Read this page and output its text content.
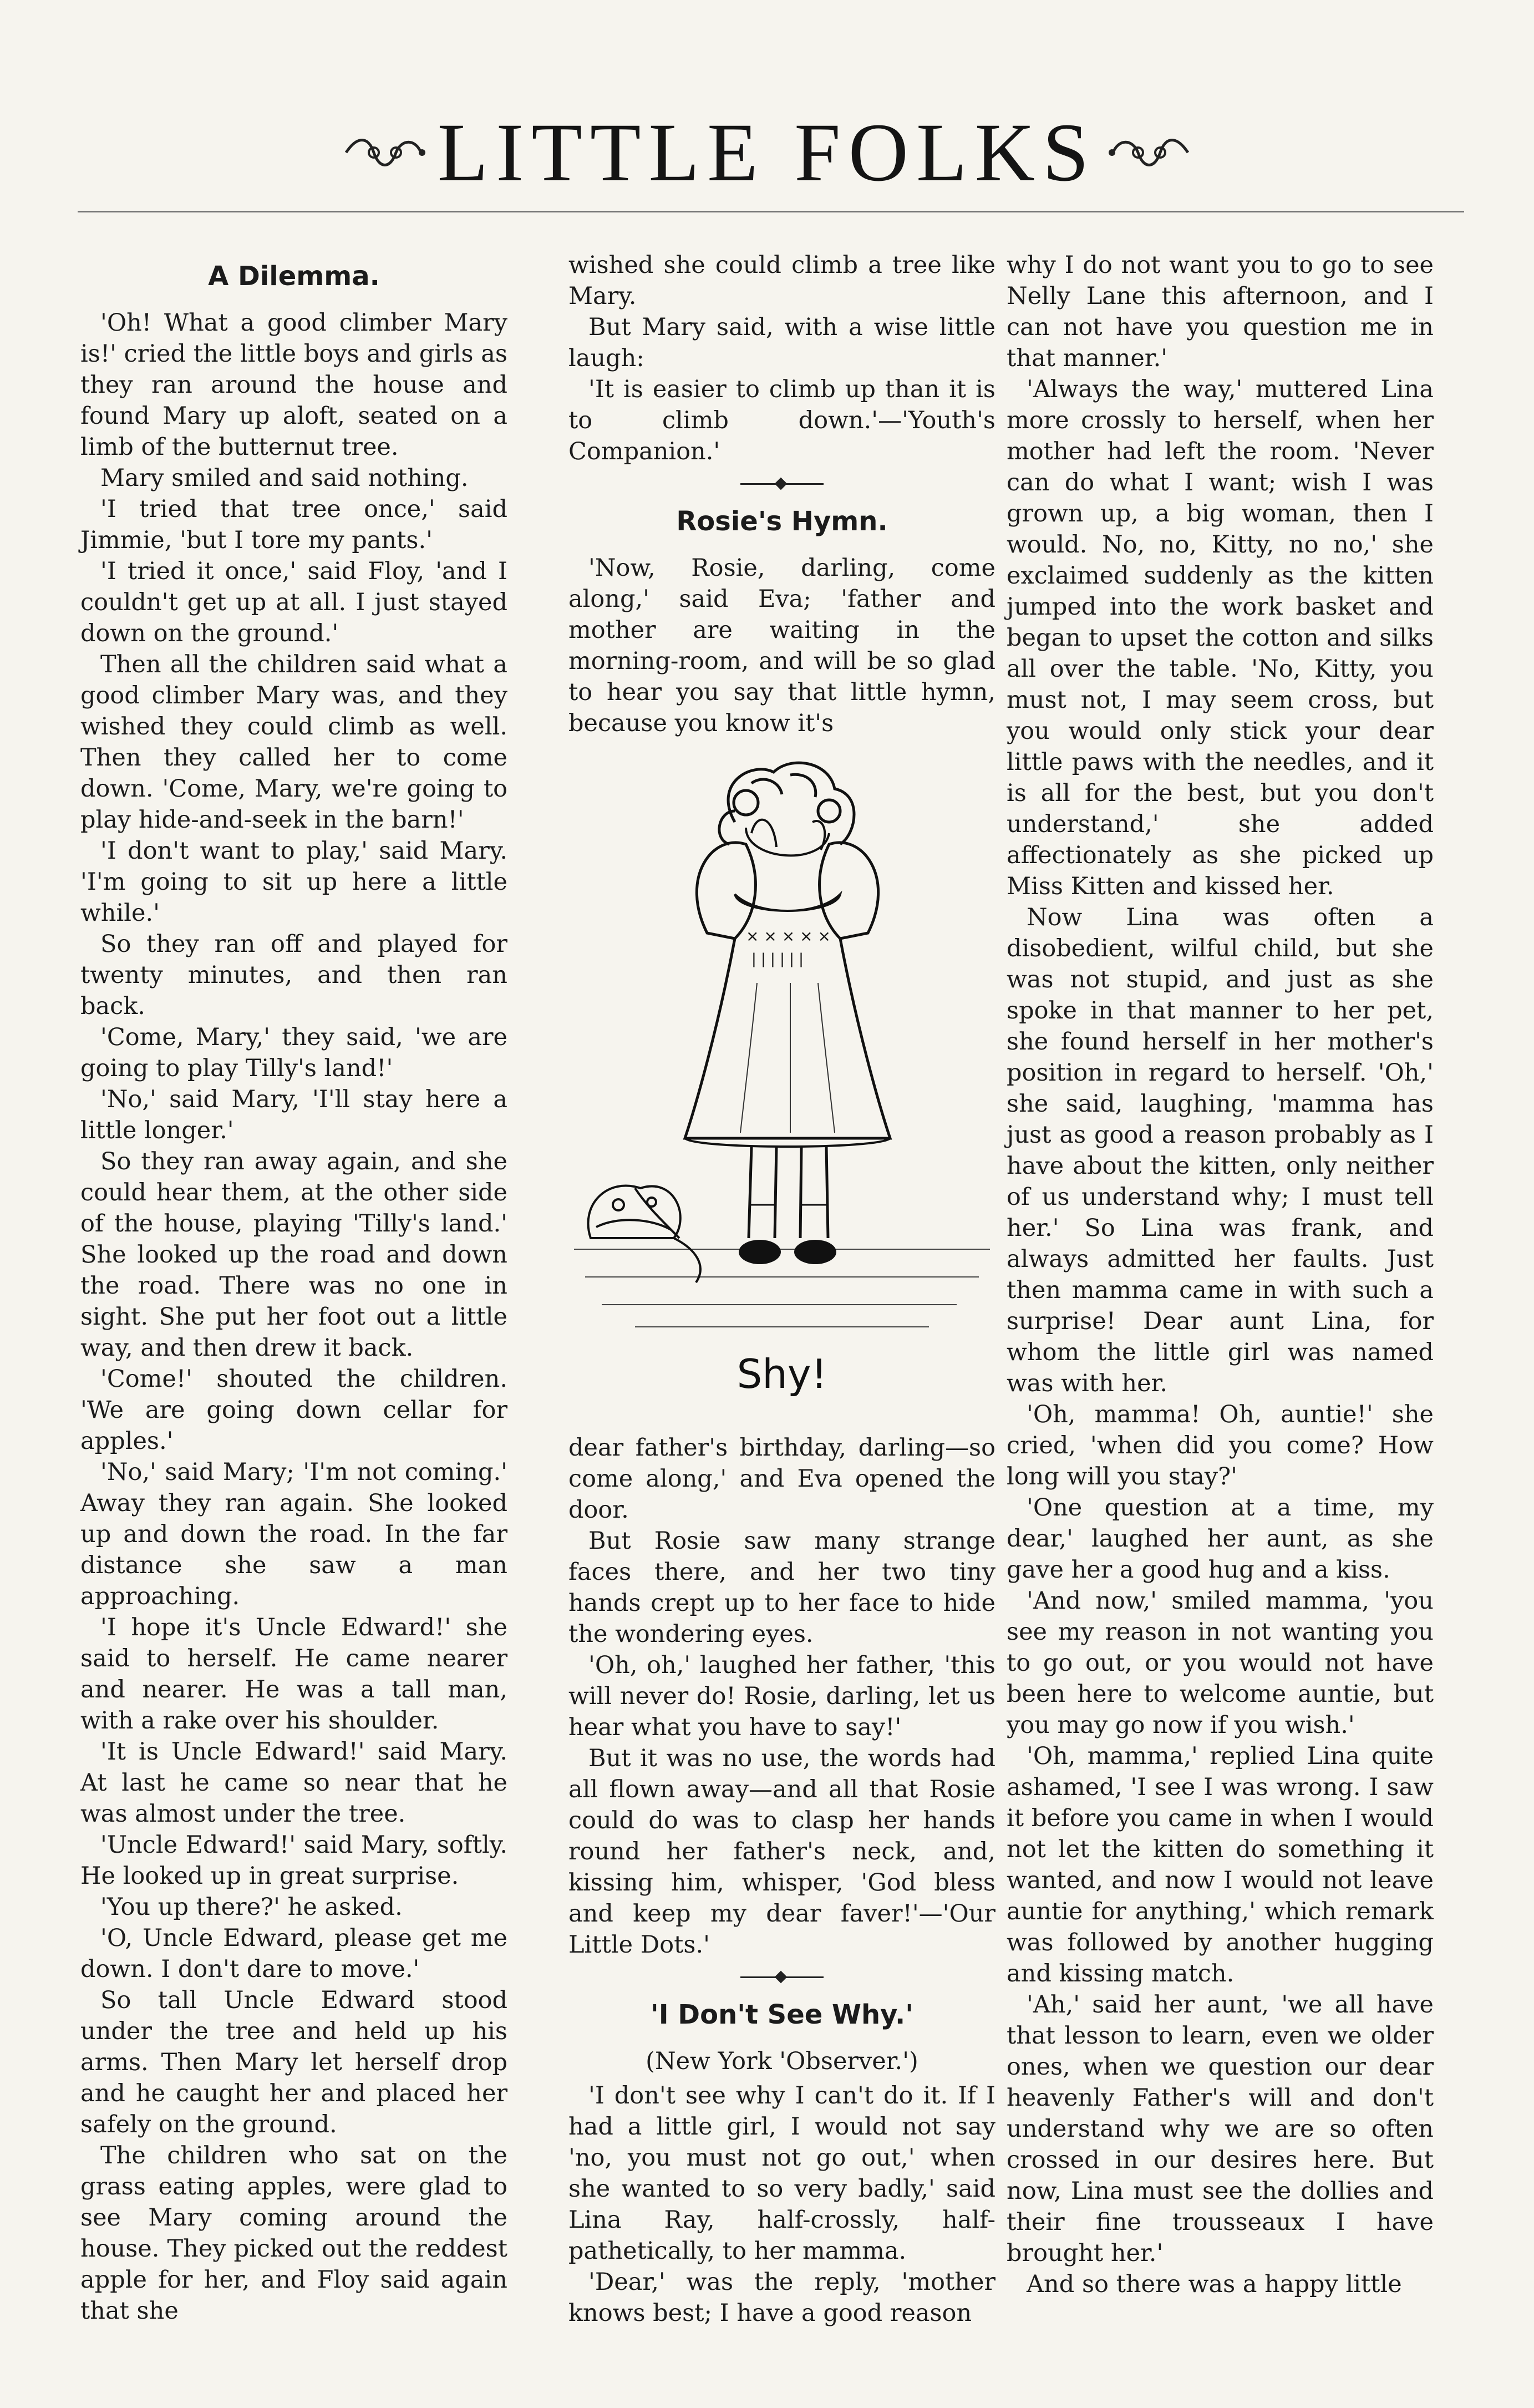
LITTLE FOLKS
A Dilemma.

'Oh! What a good climber Mary is!' cried the little boys and girls as they ran around the house and found Mary up aloft, seated on a limb of the butternut tree.

Mary smiled and said nothing.

'I tried that tree once,' said Jimmie, 'but I tore my pants.'

'I tried it once,' said Floy, 'and I couldn't get up at all. I just stayed down on the ground.'

Then all the children said what a good climber Mary was, and they wished they could climb as well. Then they called her to come down. 'Come, Mary, we're going to play hide-and-seek in the barn!'

'I don't want to play,' said Mary. 'I'm going to sit up here a little while.'

So they ran off and played for twenty minutes, and then ran back.

'Come, Mary,' they said, 'we are going to play Tilly's land!'

'No,' said Mary, 'I'll stay here a little longer.'

So they ran away again, and she could hear them, at the other side of the house, playing 'Tilly's land.' She looked up the road and down the road. There was no one in sight. She put her foot out a little way, and then drew it back.

'Come!' shouted the children. 'We are going down cellar for apples.'

'No,' said Mary; 'I'm not coming.' Away they ran again. She looked up and down the road. In the far distance she saw a man approaching.

'I hope it's Uncle Edward!' she said to herself. He came nearer and nearer. He was a tall man, with a rake over his shoulder.

'It is Uncle Edward!' said Mary. At last he came so near that he was almost under the tree.

'Uncle Edward!' said Mary, softly. He looked up in great surprise.

'You up there?' he asked.

'O, Uncle Edward, please get me down. I don't dare to move.'

So tall Uncle Edward stood under the tree and held up his arms. Then Mary let herself drop and he caught her and placed her safely on the ground.

The children who sat on the grass eating apples, were glad to see Mary coming around the house. They picked out the reddest apple for her, and Floy said again that she

wished she could climb a tree like Mary.

But Mary said, with a wise little laugh:

'It is easier to climb up than it is to climb down.'—'Youth's Companion.'

Rosie's Hymn.

'Now, Rosie, darling, come along,' said Eva; 'father and mother are waiting in the morning-room, and will be so glad to hear you say that little hymn, because you know it's

× × × × ×
| | | | | |
Shy!

dear father's birthday, darling—so come along,' and Eva opened the door.

But Rosie saw many strange faces there, and her two tiny hands crept up to her face to hide the wondering eyes.

'Oh, oh,' laughed her father, 'this will never do! Rosie, darling, let us hear what you have to say!'

But it was no use, the words had all flown away—and all that Rosie could do was to clasp her hands round her father's neck, and, kissing him, whisper, 'God bless and keep my dear faver!'—'Our Little Dots.'

'I Don't See Why.'

(New York 'Observer.')

'I don't see why I can't do it. If I had a little girl, I would not say 'no, you must not go out,' when she wanted to so very badly,' said Lina Ray, half-crossly, half-pathetically, to her mamma.

'Dear,' was the reply, 'mother knows best; I have a good reason

why I do not want you to go to see Nelly Lane this afternoon, and I can not have you question me in that manner.'

'Always the way,' muttered Lina more crossly to herself, when her mother had left the room. 'Never can do what I want; wish I was grown up, a big woman, then I would. No, no, Kitty, no no,' she exclaimed suddenly as the kitten jumped into the work basket and began to upset the cotton and silks all over the table. 'No, Kitty, you must not, I may seem cross, but you would only stick your dear little paws with the needles, and it is all for the best, but you don't understand,' she added affectionately as she picked up Miss Kitten and kissed her.

Now Lina was often a disobedient, wilful child, but she was not stupid, and just as she spoke in that manner to her pet, she found herself in her mother's position in regard to herself. 'Oh,' she said, laughing, 'mamma has just as good a reason probably as I have about the kitten, only neither of us understand why; I must tell her.' So Lina was frank, and always admitted her faults. Just then mamma came in with such a surprise! Dear aunt Lina, for whom the little girl was named was with her.

'Oh, mamma! Oh, auntie!' she cried, 'when did you come? How long will you stay?'

'One question at a time, my dear,' laughed her aunt, as she gave her a good hug and a kiss.

'And now,' smiled mamma, 'you see my reason in not wanting you to go out, or you would not have been here to welcome auntie, but you may go now if you wish.'

'Oh, mamma,' replied Lina quite ashamed, 'I see I was wrong. I saw it before you came in when I would not let the kitten do something it wanted, and now I would not leave auntie for anything,' which remark was followed by another hugging and kissing match.

'Ah,' said her aunt, 'we all have that lesson to learn, even we older ones, when we question our dear heavenly Father's will and don't understand why we are so often crossed in our desires here. But now, Lina must see the dollies and their fine trousseaux I have brought her.'

And so there was a happy little
